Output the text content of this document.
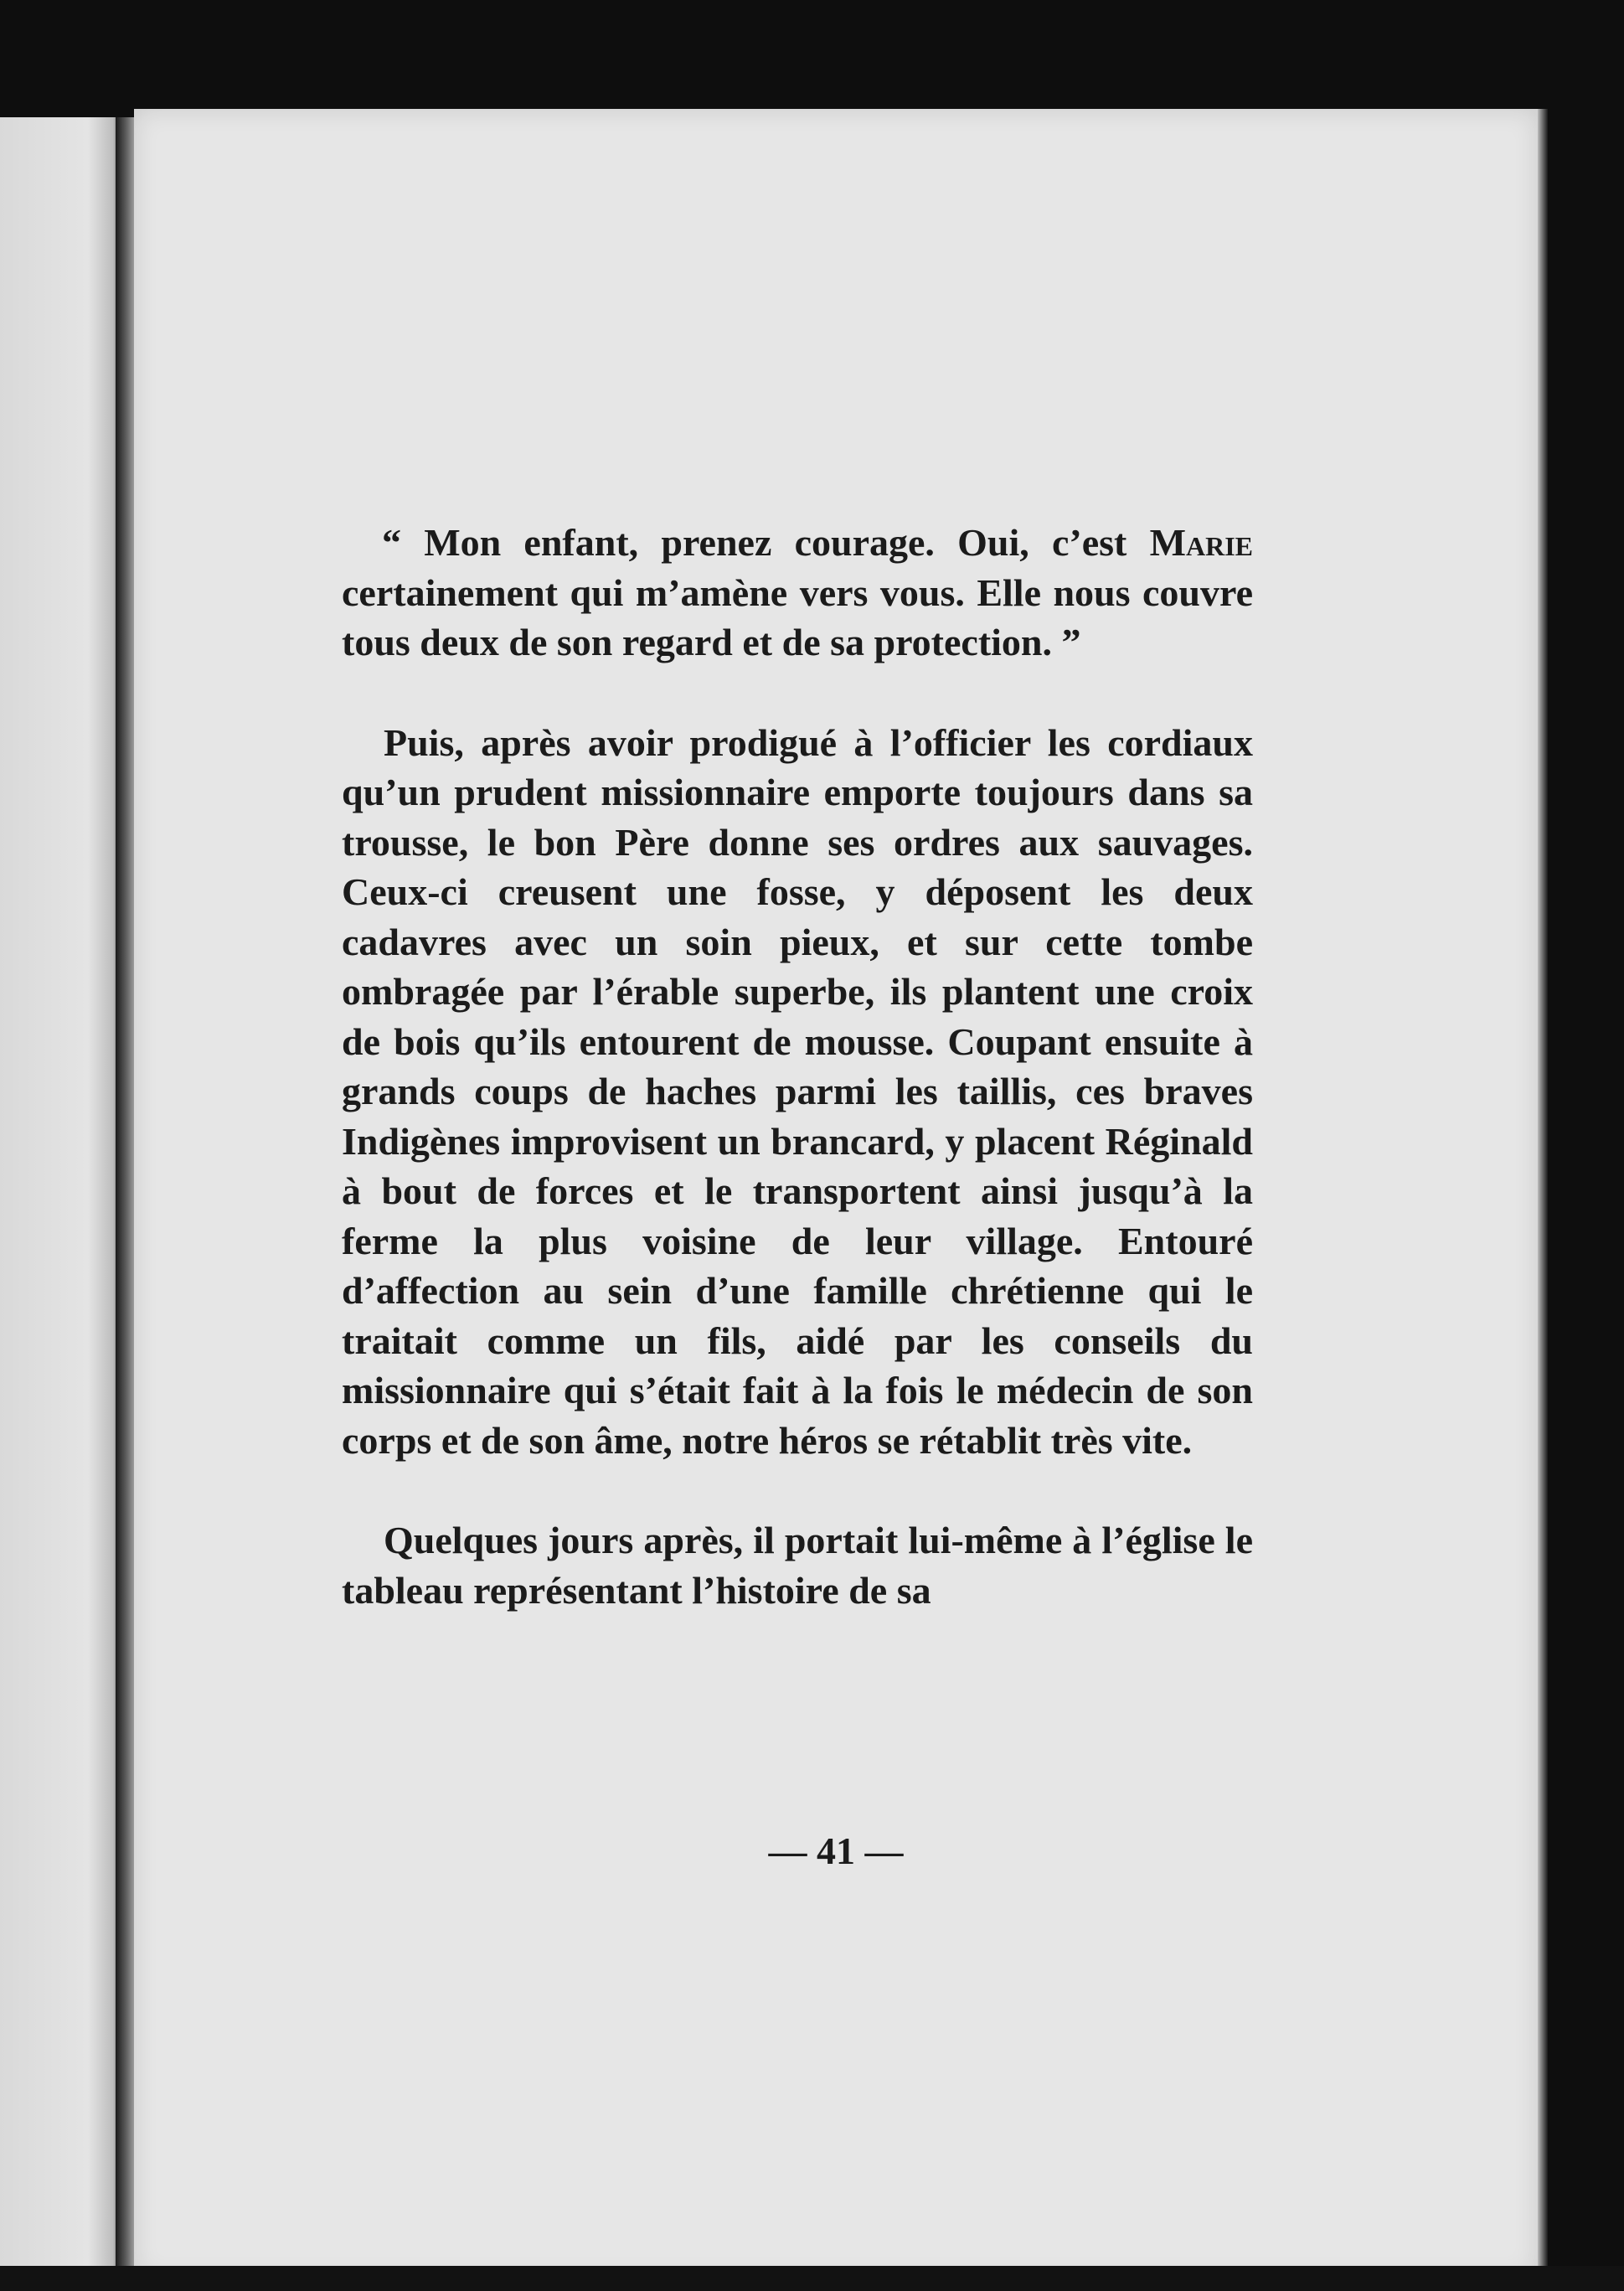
“ Mon enfant, prenez courage. Oui, c’est Marie certainement qui m’amène vers vous. Elle nous couvre tous deux de son regard et de sa protection. ”

Puis, après avoir prodigué à l’officier les cordiaux qu’un prudent missionnaire emporte toujours dans sa trousse, le bon Père donne ses ordres aux sauvages. Ceux-ci creusent une fosse, y déposent les deux cadavres avec un soin pieux, et sur cette tombe ombragée par l’érable superbe, ils plantent une croix de bois qu’ils entourent de mousse. Coupant ensuite à grands coups de haches parmi les taillis, ces braves Indigènes improvisent un brancard, y placent Réginald à bout de forces et le transportent ainsi jusqu’à la ferme la plus voisine de leur village. Entouré d’affection au sein d’une famille chrétienne qui le traitait comme un fils, aidé par les conseils du missionnaire qui s’était fait à la fois le médecin de son corps et de son âme, notre héros se rétablit très vite.

Quelques jours après, il portait lui-même à l’église le tableau représentant l’histoire de sa

— 41 —
